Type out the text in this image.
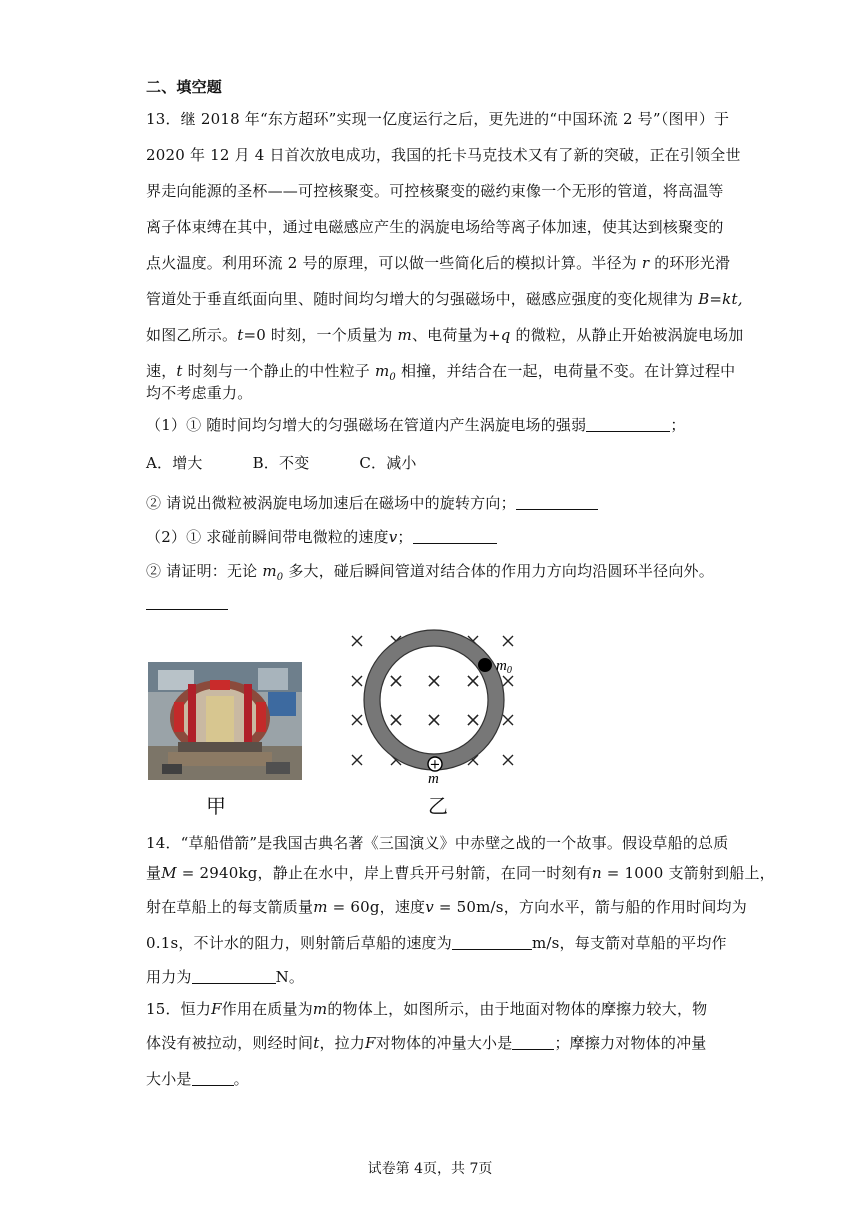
二、填空题
13．继 2018 年“东方超环”实现一亿度运行之后，更先进的“中国环流 2 号”（图甲）于
2020 年 12 月 4 日首次放电成功，我国的托卡马克技术又有了新的突破，正在引领全世
界走向能源的圣杯——可控核聚变。可控核聚变的磁约束像一个无形的管道，将高温等
离子体束缚在其中，通过电磁感应产生的涡旋电场给等离子体加速，使其达到核聚变的
点火温度。利用环流 2 号的原理，可以做一些简化后的模拟计算。半径为 r 的环形光滑
管道处于垂直纸面向里、随时间均匀增大的匀强磁场中，磁感应强度的变化规律为 B=kt,
如图乙所示。t=0 时刻，一个质量为 m、电荷量为+q 的微粒，从静止开始被涡旋电场加
速，t 时刻与一个静止的中性粒子 $m_0$ 相撞，并结合在一起，电荷量不变。在计算过程中
均不考虑重力。
（1）① 随时间均匀增大的匀强磁场在管道内产生涡旋电场的强弱	；
A．增大	B．不变	C．减小
② 请说出微粒被涡旋电场加速后在磁场中的旋转方向；
（2）① 求碰前瞬间带电微粒的速度v；
② 请证明：无论 $m_0$ 多大，碰后瞬间管道对结合体的作用力方向均沿圆环半径向外。
甲
$m_0$
+
m
乙
14．“草船借箭”是我国古典名著《三国演义》中赤壁之战的一个故事。假设草船的总质
量M = 2940kg，静止在水中，岸上曹兵开弓射箭，在同一时刻有n = 1000 支箭射到船上，
射在草船上的每支箭质量m = 60g，速度v = 50m/s，方向水平，箭与船的作用时间均为
0.1s，不计水的阻力，则射箭后草船的速度为	m/s，每支箭对草船的平均作
用力为	N。
15．恒力F作用在质量为m的物体上，如图所示，由于地面对物体的摩擦力较大，物
体没有被拉动，则经时间t，拉力F对物体的冲量大小是	；摩擦力对物体的冲量
大小是	。
试卷第 4页，共 7页
